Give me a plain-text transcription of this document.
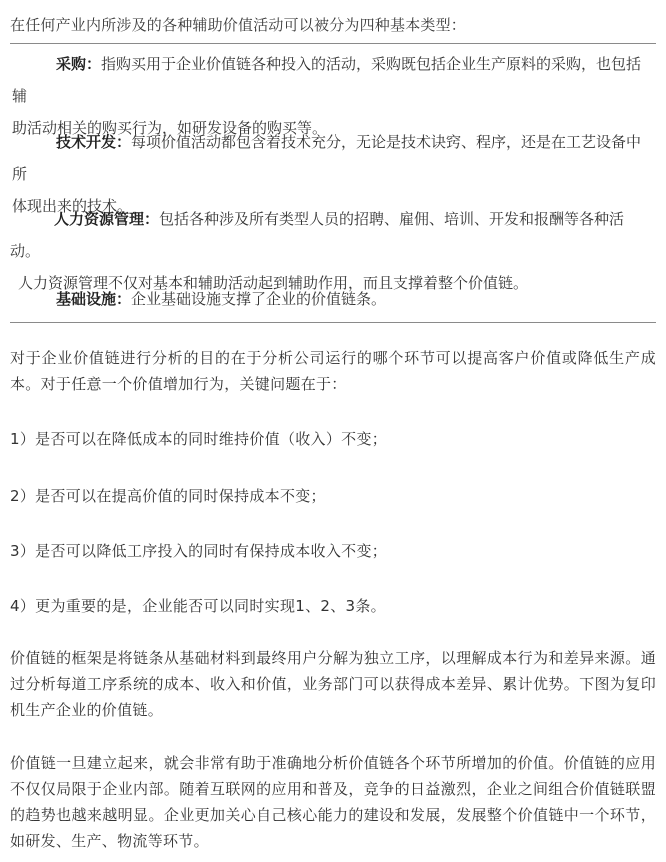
在任何产业内所涉及的各种辅助价值活动可以被分为四种基本类型：
采购：指购买用于企业价值链各种投入的活动，采购既包括企业生产原料的采购，也包括辅
助活动相关的购买行为，如研发设备的购买等。
技术开发：每项价值活动都包含着技术充分，无论是技术诀窍、程序，还是在工艺设备中所
体现出来的技术。
人力资源管理：包括各种涉及所有类型人员的招聘、雇佣、培训、开发和报酬等各种活动。
人力资源管理不仅对基本和辅助活动起到辅助作用，而且支撑着整个价值链。
基础设施：企业基础设施支撑了企业的价值链条。
对于企业价值链进行分析的目的在于分析公司运行的哪个环节可以提高客户价值或降低生产成本。对于任意一个价值增加行为，关键问题在于：
1）是否可以在降低成本的同时维持价值（收入）不变；
2）是否可以在提高价值的同时保持成本不变；
3）是否可以降低工序投入的同时有保持成本收入不变；
4）更为重要的是，企业能否可以同时实现1、2、3条。
价值链的框架是将链条从基础材料到最终用户分解为独立工序，以理解成本行为和差异来源。通过分析每道工序系统的成本、收入和价值，业务部门可以获得成本差异、累计优势。下图为复印机生产企业的价值链。
价值链一旦建立起来，就会非常有助于准确地分析价值链各个环节所增加的价值。价值链的应用不仅仅局限于企业内部。随着互联网的应用和普及，竞争的日益激烈，企业之间组合价值链联盟的趋势也越来越明显。企业更加关心自己核心能力的建设和发展，发展整个价值链中一个环节，如研发、生产、物流等环节。
